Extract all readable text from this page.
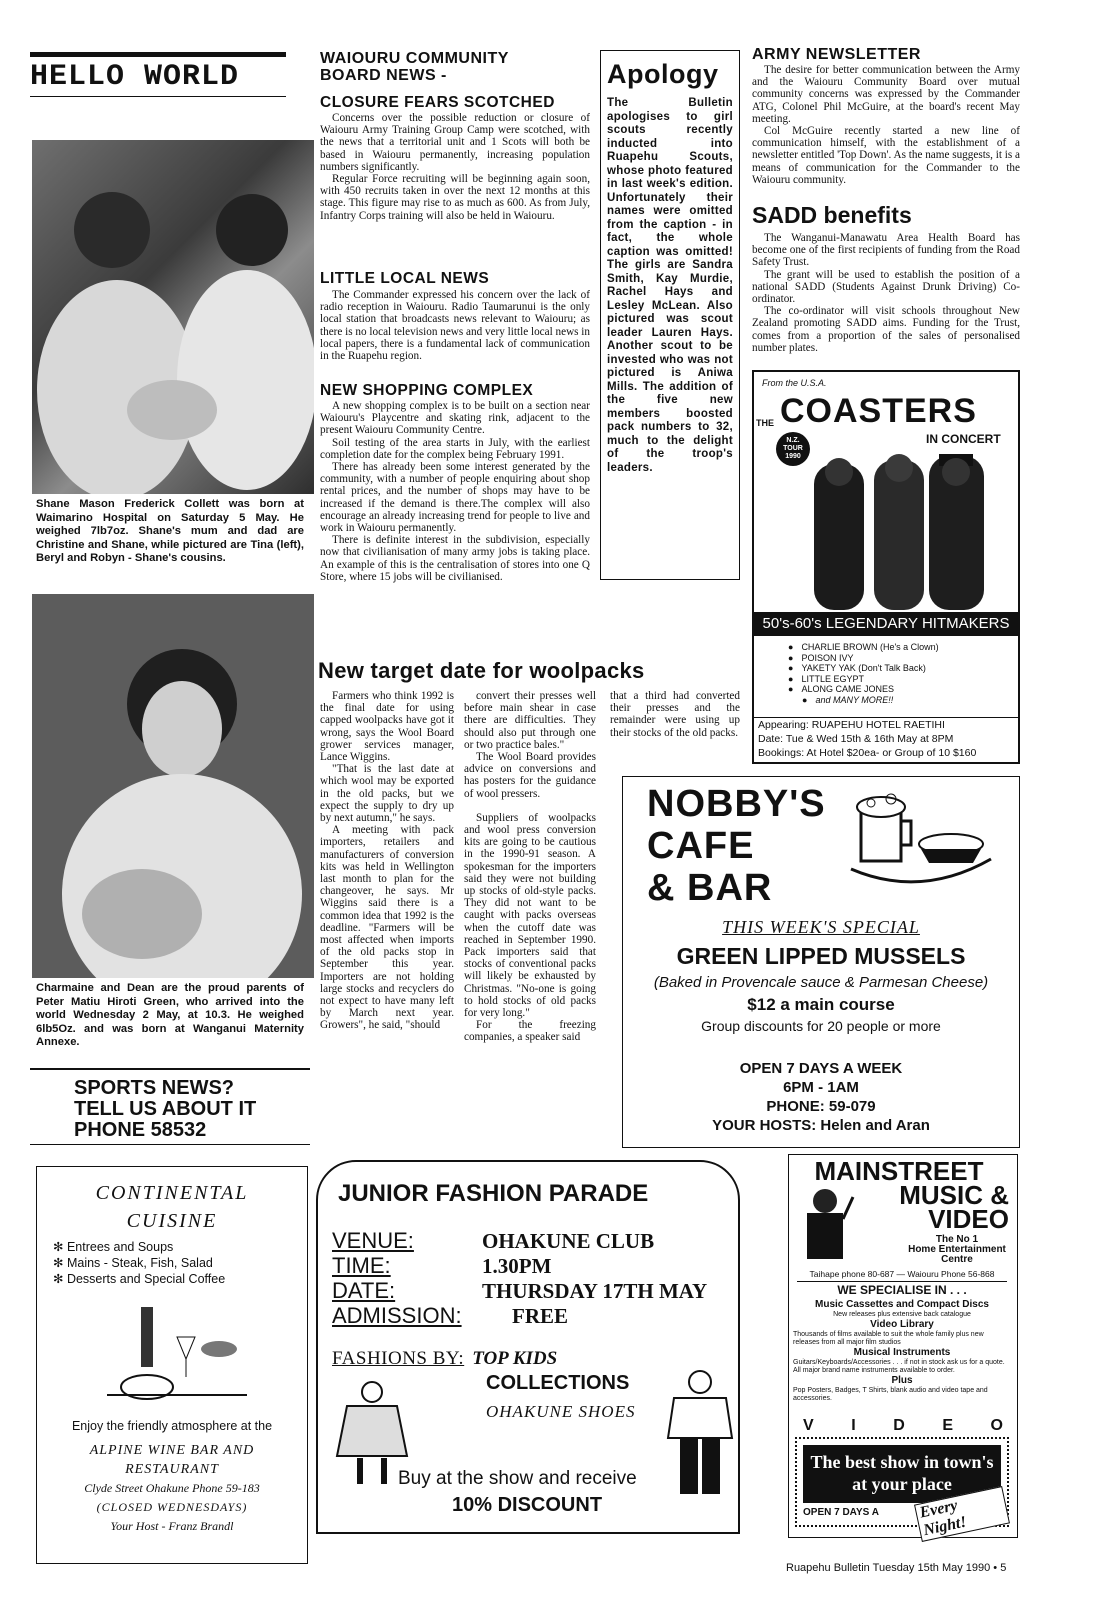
HELLO WORLD
Shane Mason Frederick Collett was born at Waimarino Hospital on Saturday 5 May. He weighed 7lb7oz. Shane's mum and dad are Christine and Shane, while pictured are Tina (left), Beryl and Robyn - Shane's cousins.
Charmaine and Dean are the proud parents of Peter Matiu Hiroti Green, who arrived into the world Wednesday 2 May, at 10.3. He weighed 6lb5Oz. and was born at Wanganui Maternity Annexe.
SPORTS NEWS?
TELL US ABOUT IT
PHONE 58532
WAIOURU COMMUNITY
BOARD NEWS -
CLOSURE FEARS SCOTCHED

Concerns over the possible reduction or closure of Waiouru Army Training Group Camp were scotched, with the news that a territorial unit and 1 Scots will both be based in Waiouru permanently, increasing population numbers significantly.

Regular Force recruiting will be beginning again soon, with 450 recruits taken in over the next 12 months at this stage. This figure may rise to as much as 600. As from July, Infantry Corps training will also be held in Waiouru.

LITTLE LOCAL NEWS

The Commander expressed his concern over the lack of radio reception in Waiouru. Radio Taumarunui is the only local station that broadcasts news relevant to Waiouru; as there is no local television news and very little local news in local papers, there is a fundamental lack of communication in the Ruapehu region.

NEW SHOPPING COMPLEX

A new shopping complex is to be built on a section near Waiouru's Playcentre and skating rink, adjacent to the present Waiouru Community Centre.

Soil testing of the area starts in July, with the earliest completion date for the complex being February 1991.

There has already been some interest generated by the community, with a number of people enquiring about shop rental prices, and the number of shops may have to be increased if the demand is there.The complex will also encourage an already increasing trend for people to live and work in Waiouru permanently.

There is definite interest in the subdivision, especially now that civilianisation of many army jobs is taking place. An example of this is the centralisation of stores into one Q Store, where 15 jobs will be civilianised.

Apology
The Bulletin apologises to girl scouts recently inducted into Ruapehu Scouts, whose photo featured in last week's edition. Unfortunately their names were omitted from the caption - in fact, the whole caption was omitted! The girls are Sandra Smith, Kay Murdie, Rachel Hays and Lesley McLean. Also pictured was scout leader Lauren Hays. Another scout to be invested who was not pictured is Aniwa Mills. The addition of the five new members boosted pack numbers to 32, much to the delight of the troop's leaders.
ARMY NEWSLETTER

The desire for better communication between the Army and the Waiouru Community Board over mutual community concerns was expressed by the Commander ATG, Colonel Phil McGuire, at the board's recent May meeting.

Col McGuire recently started a new line of communication himself, with the establishment of a newsletter entitled 'Top Down'. As the name suggests, it is a means of communication for the Commander to the Waiouru community.

SADD benefits

The Wanganui-Manawatu Area Health Board has become one of the first recipients of funding from the Road Safety Trust.

The grant will be used to establish the position of a national SADD (Students Against Drunk Driving) Co-ordinator.

The co-ordinator will visit schools throughout New Zealand promoting SADD aims. Funding for the Trust, comes from a proportion of the sales of personalised number plates.

From the U.S.A.
THE COASTERS
IN CONCERT
N.Z.
TOUR
1990
50's-60's LEGENDARY HITMAKERS
● CHARLIE BROWN (He's a Clown)
● POISON IVY
● YAKETY YAK (Don't Talk Back)
● LITTLE EGYPT
● ALONG CAME JONES
● and MANY MORE!!
Appearing: RUAPEHU HOTEL RAETIHI
Date: Tue & Wed 15th & 16th May at 8PM
Bookings: At Hotel $20ea- or Group of 10 $160
New target date for woolpacks

Farmers who think 1992 is the final date for using capped woolpacks have got it wrong, says the Wool Board grower services manager, Lance Wiggins.

"That is the last date at which wool may be exported in the old packs, but we expect the supply to dry up by next autumn," he says.

A meeting with pack importers, retailers and manufacturers of conversion kits was held in Wellington last month to plan for the changeover, he says. Mr Wiggins said there is a common idea that 1992 is the deadline. "Farmers will be most affected when imports of the old packs stop in September this year. Importers are not holding large stocks and recyclers do not expect to have many left by March next year. Growers", he said, "should

convert their presses well before main shear in case there are difficulties. They should also put through one or two practice bales."

The Wool Board provides advice on conversions and has posters for the guidance of wool pressers.

Suppliers of woolpacks and wool press conversion kits are going to be cautious in the 1990-91 season. A spokesman for the importers said they were not building up stocks of old-style packs. They did not want to be caught with packs overseas when the cutoff date was reached in September 1990. Pack importers said that stocks of conventional packs will likely be exhausted by Christmas. "No-one is going to hold stocks of old packs for very long."

For the freezing companies, a speaker said

that a third had converted their presses and the remainder were using up their stocks of the old packs.

NOBBY'S
CAFE
& BAR
THIS WEEK'S SPECIAL
GREEN LIPPED MUSSELS
(Baked in Provencale sauce & Parmesan Cheese)
$12 a main course
Group discounts for 20 people or more
OPEN 7 DAYS A WEEK
6PM - 1AM
PHONE: 59-079
YOUR HOSTS: Helen and Aran
CONTINENTAL
CUISINE
✻ Entrees and Soups
✻ Mains - Steak, Fish, Salad
✻ Desserts and Special Coffee
Enjoy the friendly atmosphere at the
ALPINE WINE BAR AND
RESTAURANT
Clyde Street Ohakune Phone 59-183
(CLOSED WEDNESDAYS)
Your Host - Franz Brandl
JUNIOR FASHION PARADE
VENUE:	OHAKUNE CLUB
TIME:	1.30PM
DATE:	THURSDAY 17TH MAY
ADMISSION: FREE
FASHIONS BY: TOP KIDS
COLLECTIONS
OHAKUNE SHOES
Buy at the show and receive
10% DISCOUNT
MAINSTREET
MUSIC &
VIDEO
The No 1
Home Entertainment
Centre
Taihape phone 80-687 — Waiouru Phone 56-868
WE SPECIALISE IN . . .
Music Cassettes and Compact Discs
New releases plus extensive back catalogue
Video Library
Thousands of films available to suit the whole family plus new releases from all major film studios
Musical Instruments
Guitars/Keyboards/Accessories . . . if not in stock ask us for a quote. All major brand name instruments available to order.
Plus
Pop Posters, Badges, T Shirts, blank audio and video tape and accessories.
V I D E O
The best show in town's
at your place
OPEN 7 DAYS A Every Night!
Ruapehu Bulletin Tuesday 15th May 1990 • 5
